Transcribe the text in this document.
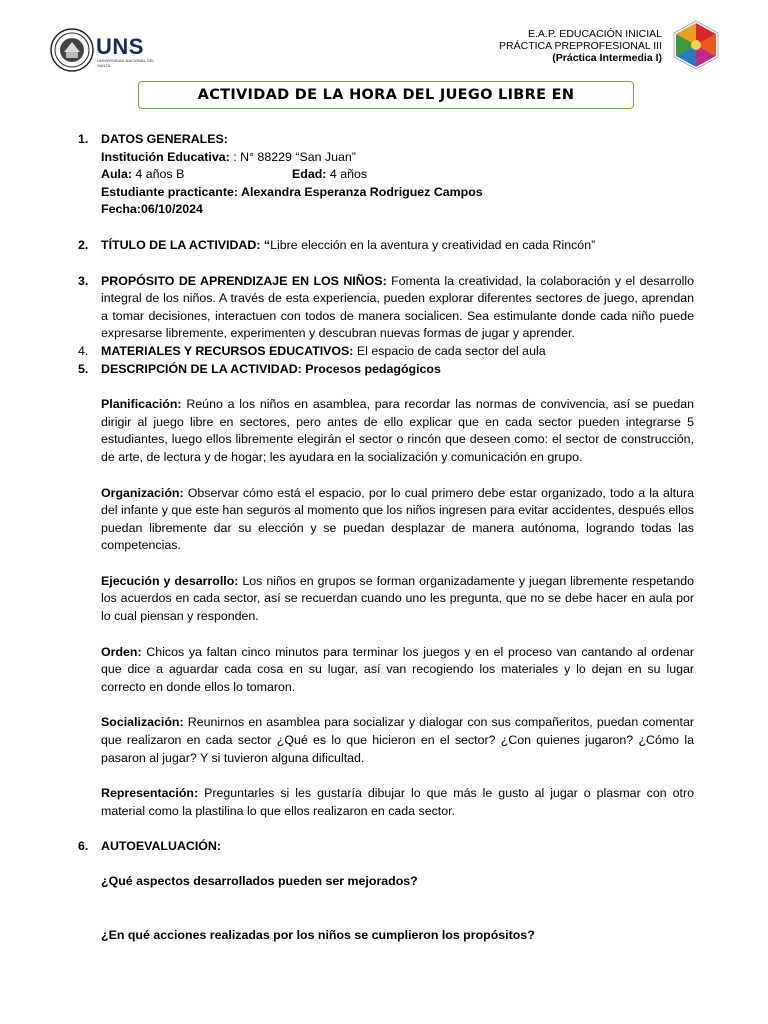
UNS
UNIVERSIDAD NACIONAL DEL SANTA
E.A.P. EDUCACIÓN INICIAL
PRÁCTICA PREPROFESIONAL III
(Práctica Intermedia I)
ACTIVIDAD DE LA HORA DEL JUEGO LIBRE EN
1.	DATOS GENERALES:
Institución Educativa: : N° 88229 “San Juan”
Aula: 4 años B	Edad: 4 años
Estudiante practicante: Alexandra Esperanza Rodriguez Campos
Fecha:06/10/2024
2.	TÍTULO DE LA ACTIVIDAD: “Libre elección en la aventura y creatividad en cada Rincón”
3.	PROPÓSITO DE APRENDIZAJE EN LOS NIÑOS: Fomenta la creatividad, la colaboración y el desarrollo integral de los niños. A través de esta experiencia, pueden explorar diferentes sectores de juego, aprendan a tomar decisiones, interactuen con todos de manera socialicen. Sea estimulante donde cada niño puede expresarse libremente, experimenten y descubran nuevas formas de jugar y aprender.
4.	MATERIALES Y RECURSOS EDUCATIVOS: El espacio de cada sector del aula
5.	DESCRIPCIÓN DE LA ACTIVIDAD: Procesos pedagógicos
Planificación: Reúno a los niños en asamblea, para recordar las normas de convivencia, así se puedan dirigir al juego libre en sectores, pero antes de ello explicar que en cada sector pueden integrarse 5 estudiantes, luego ellos libremente elegirán el sector o rincón que deseen como: el sector de construcción, de arte, de lectura y de hogar; les ayudara en la socialización y comunicación en grupo.
Organización: Observar cómo está el espacio, por lo cual primero debe estar organizado, todo a la altura del infante y que este han seguros al momento que los niños ingresen para evitar accidentes, después ellos puedan libremente dar su elección y se puedan desplazar de manera autónoma, logrando todas las competencias.
Ejecución y desarrollo: Los niños en grupos se forman organizadamente y juegan libremente respetando los acuerdos en cada sector, así se recuerdan cuando uno les pregunta, que no se debe hacer en aula por lo cual piensan y responden.
Orden: Chicos ya faltan cinco minutos para terminar los juegos y en el proceso van cantando al ordenar que dice a aguardar cada cosa en su lugar, así van recogiendo los materiales y lo dejan en su lugar correcto en donde ellos lo tomaron.
Socialización: Reunirnos en asamblea para socializar y dialogar con sus compañeritos, puedan comentar que realizaron en cada sector ¿Qué es lo que hicieron en el sector? ¿Con quienes jugaron? ¿Cómo la pasaron al jugar? Y si tuvieron alguna dificultad.
Representación: Preguntarles si les gustaría dibujar lo que más le gusto al jugar o plasmar con otro material como la plastilina lo que ellos realizaron en cada sector.
6.	AUTOEVALUACIÓN:
¿Qué aspectos desarrollados pueden ser mejorados?
¿En qué acciones realizadas por los niños se cumplieron los propósitos?
